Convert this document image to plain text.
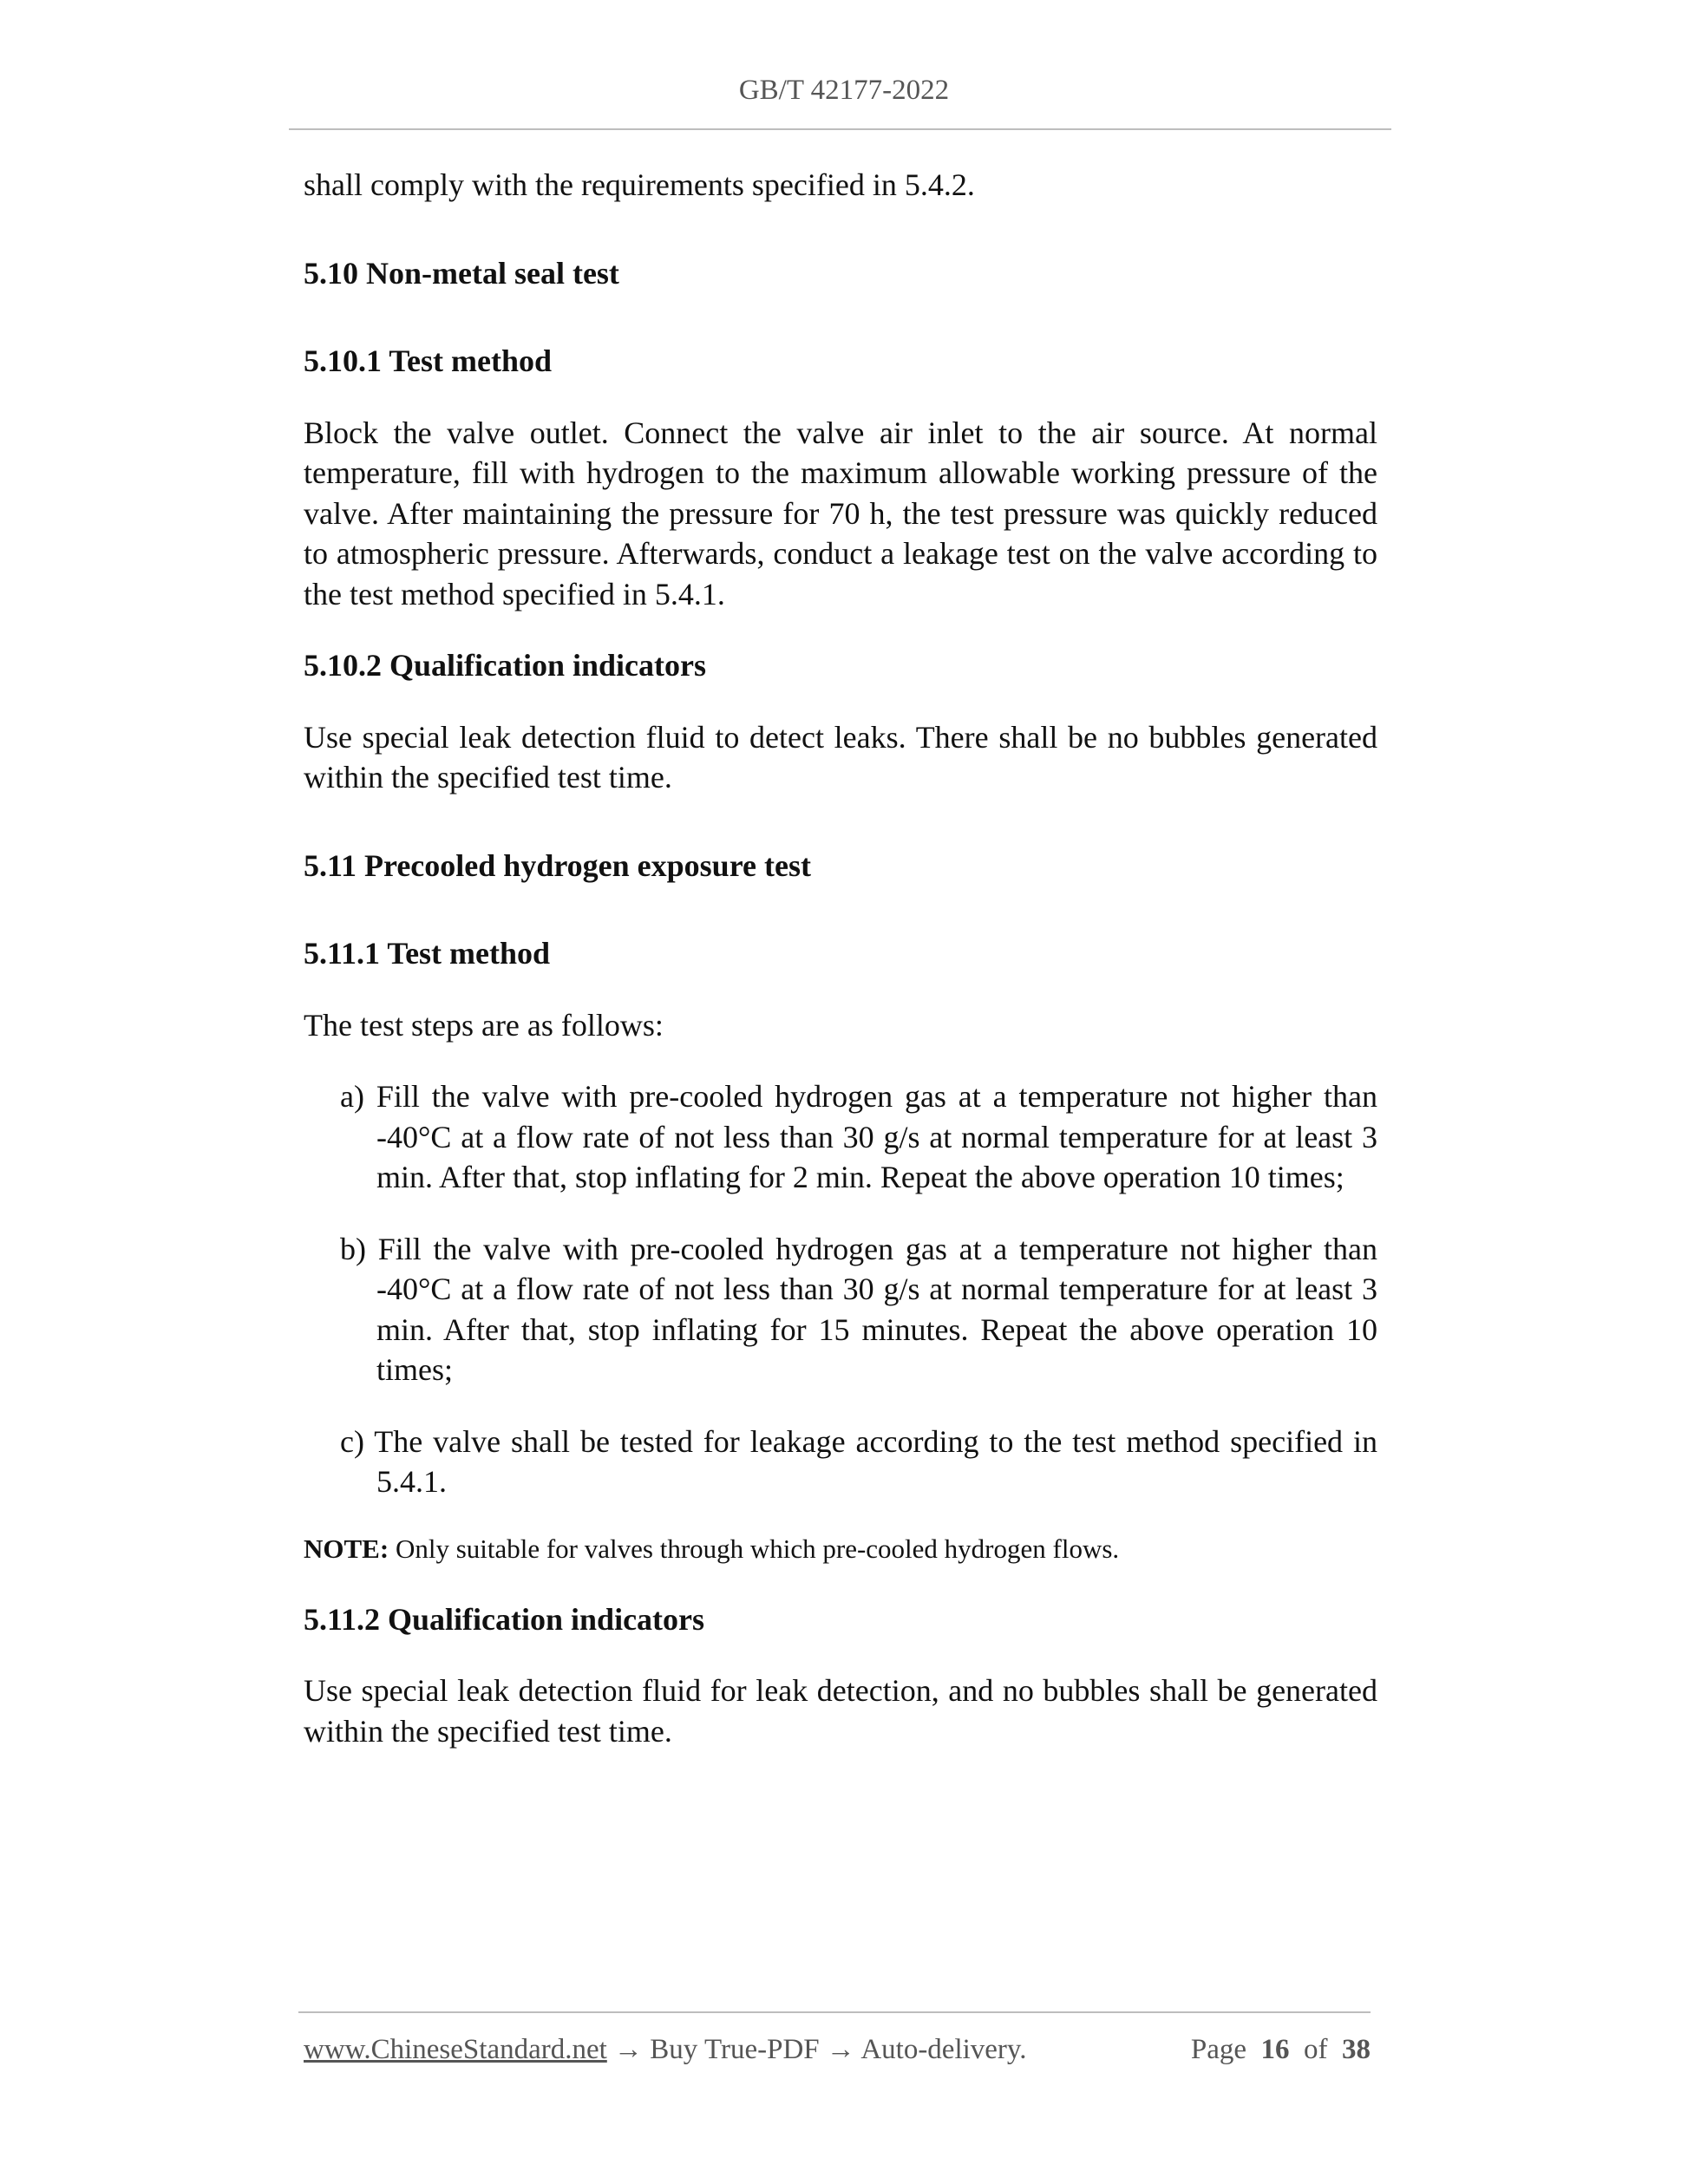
GB/T 42177-2022

shall comply with the requirements specified in 5.4.2.

5.10 Non-metal seal test

5.10.1 Test method

Block the valve outlet. Connect the valve air inlet to the air source. At normal temperature, fill with hydrogen to the maximum allowable working pressure of the valve. After maintaining the pressure for 70 h, the test pressure was quickly reduced to atmospheric pressure. Afterwards, conduct a leakage test on the valve according to the test method specified in 5.4.1.

5.10.2 Qualification indicators

Use special leak detection fluid to detect leaks. There shall be no bubbles generated within the specified test time.

5.11 Precooled hydrogen exposure test

5.11.1 Test method

The test steps are as follows:

a) Fill the valve with pre-cooled hydrogen gas at a temperature not higher than -40°C at a flow rate of not less than 30 g/s at normal temperature for at least 3 min. After that, stop inflating for 2 min. Repeat the above operation 10 times;

b) Fill the valve with pre-cooled hydrogen gas at a temperature not higher than -40°C at a flow rate of not less than 30 g/s at normal temperature for at least 3 min. After that, stop inflating for 15 minutes. Repeat the above operation 10 times;

c) The valve shall be tested for leakage according to the test method specified in 5.4.1.

NOTE: Only suitable for valves through which pre-cooled hydrogen flows.

5.11.2 Qualification indicators

Use special leak detection fluid for leak detection, and no bubbles shall be generated within the specified test time.

www.ChineseStandard.net → Buy True-PDF → Auto-delivery.	Page 16 of 38
